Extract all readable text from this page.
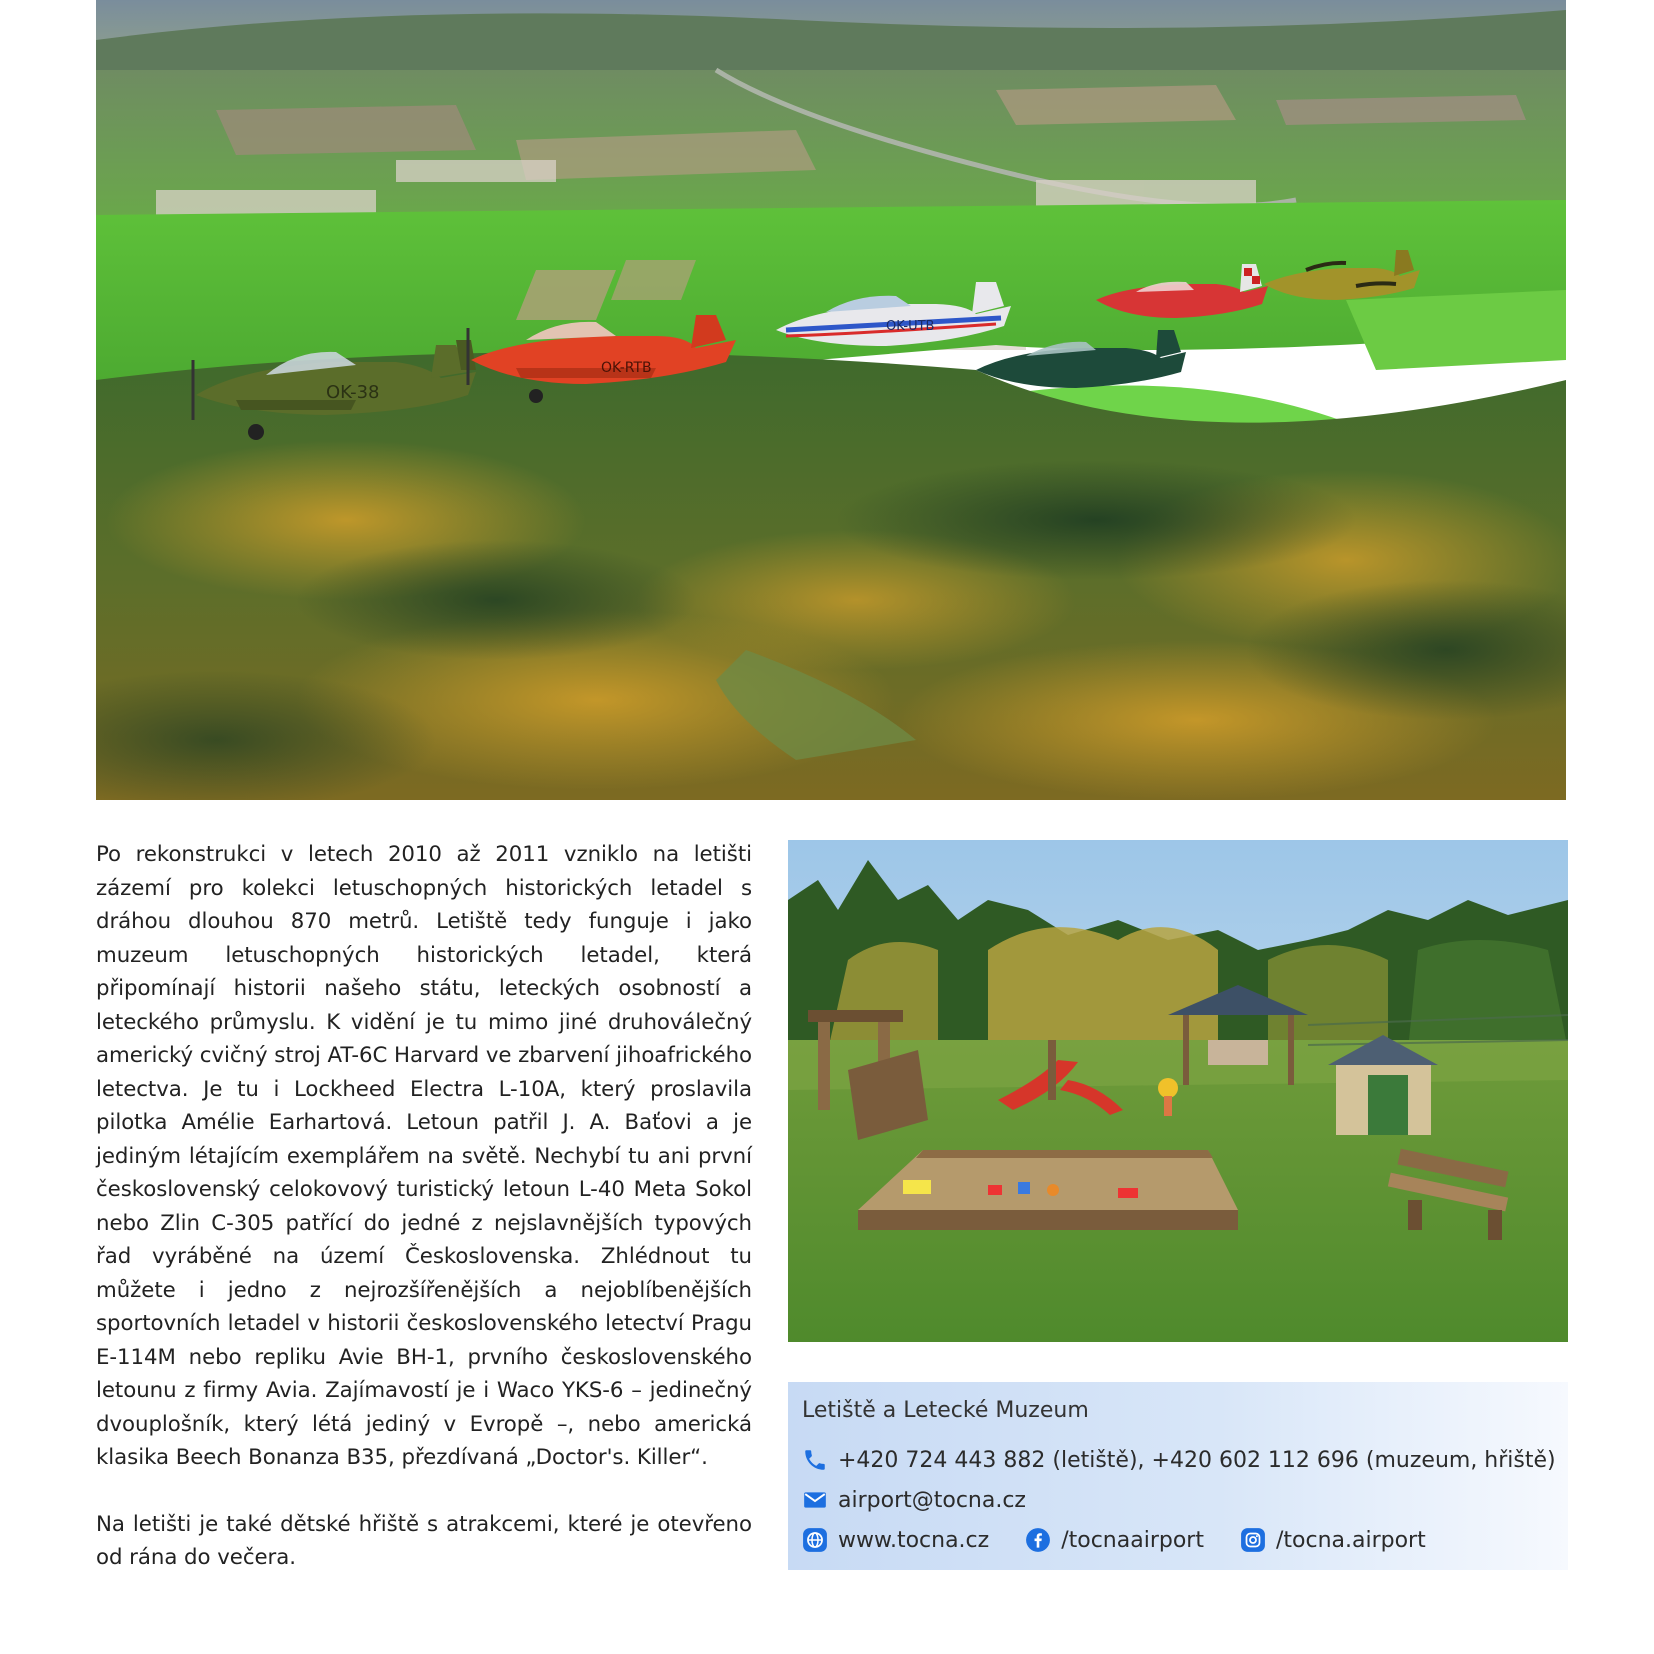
OK-38
OK-RTB
OK-UTB

Po rekonstrukci v letech 2010 až 2011 vzniklo na letišti zázemí pro kolekci letuschopných historických letadel s dráhou dlouhou 870 metrů. Letiště tedy funguje i jako muzeum letuschopných historických letadel, která připomínají historii našeho státu, leteckých osobností a leteckého průmyslu. K vidění je tu mimo jiné druhoválečný americký cvičný stroj AT-6C Harvard ve zbarvení jihoafrického letectva. Je tu i Lockheed Electra L-10A, který proslavila pilotka Amélie Earhartová. Letoun patřil J. A. Baťovi a je jediným létajícím exemplářem na světě. Nechybí tu ani první československý celokovový turistický letoun L-40 Meta Sokol nebo Zlin C-305 patřící do jedné z nejslavnějších typových řad vyráběné na území Československa. Zhlédnout tu můžete i jedno z nejrozšířenějších a nejoblíbenějších sportovních letadel v historii československého letectví Pragu E-114M nebo repliku Avie BH-1, prvního československého letounu z firmy Avia. Zajímavostí je i Waco YKS-6 – jedinečný dvouplošník, který létá jediný v Evropě –, nebo americká klasika Beech Bonanza B35, přezdívaná „Doctor's. Killer“.

Na letišti je také dětské hřiště s atrakcemi, které je otevřeno od rána do večera.

Letiště a Letecké Muzeum
+420 724 443 882 (letiště), +420 602 112 696 (muzeum, hřiště)
airport@tocna.cz
www.tocna.cz	/tocnaairport	/tocna.airport
